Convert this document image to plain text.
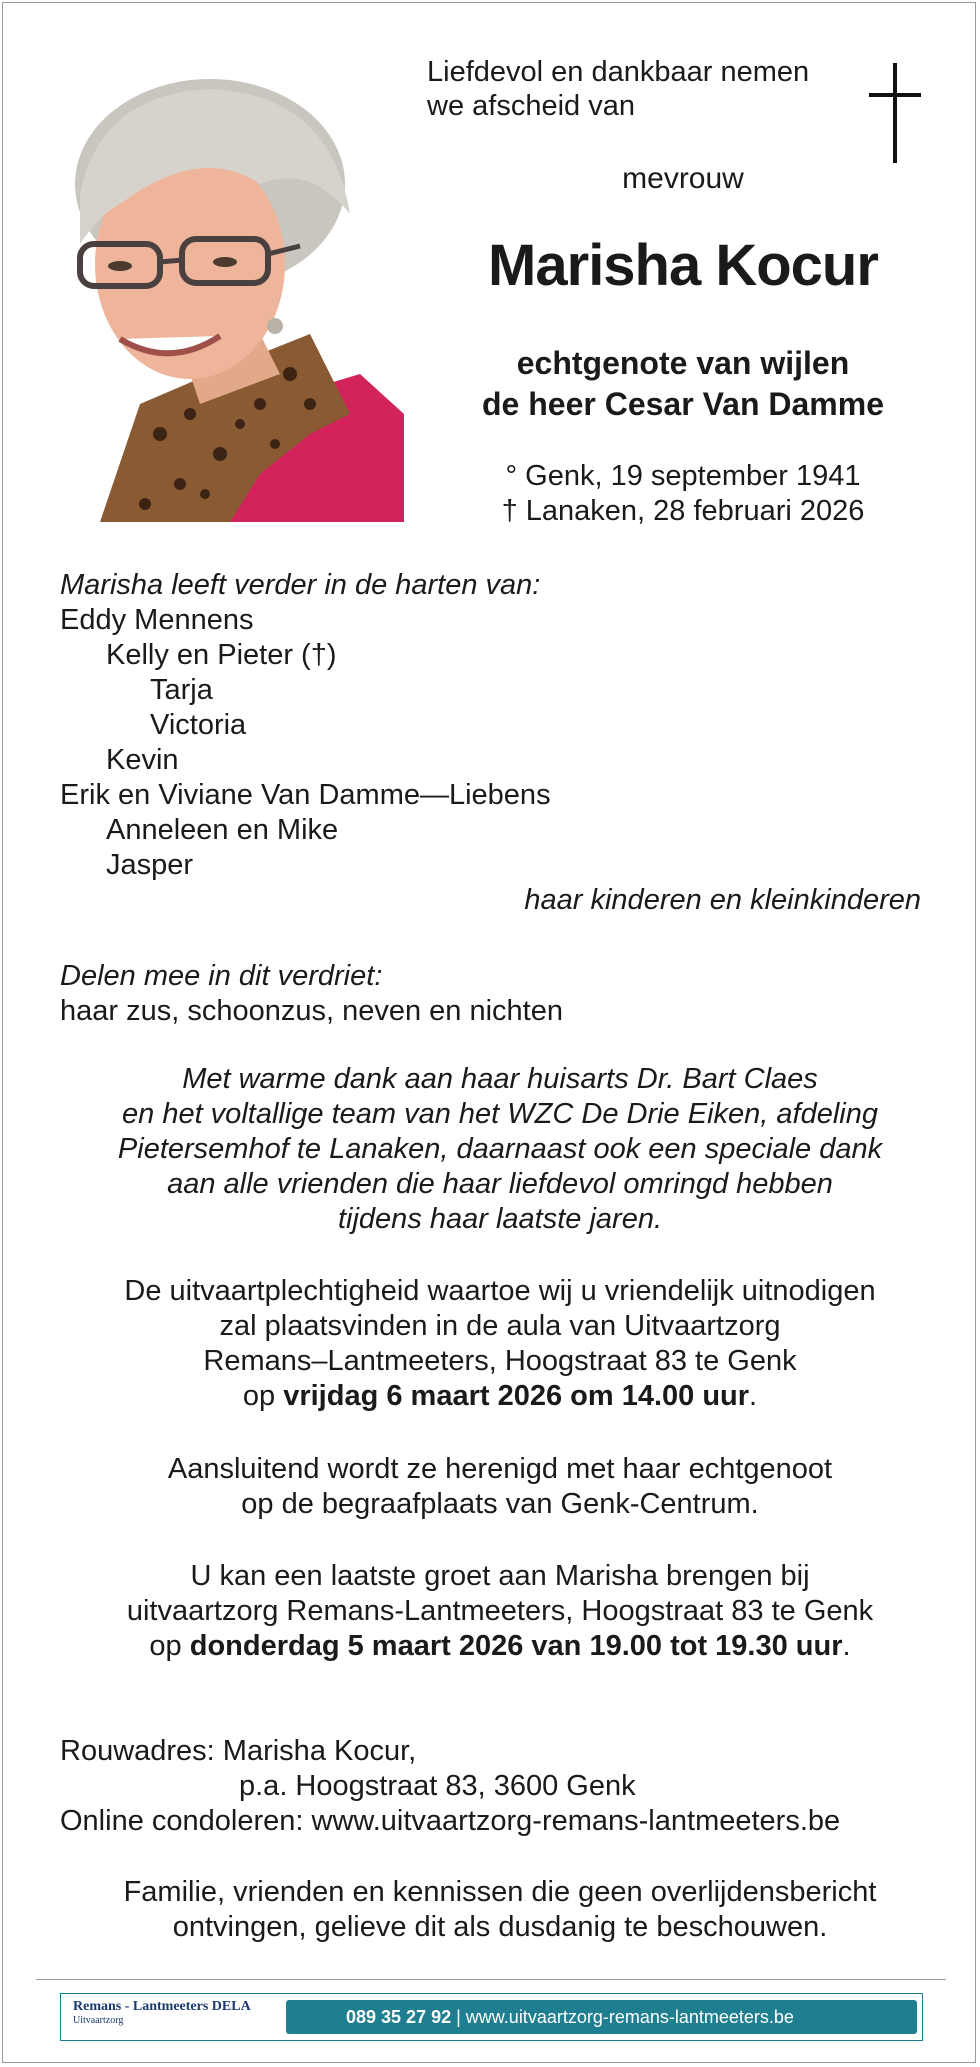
Liefdevol en dankbaar nemen
we afscheid van
mevrouw
Marisha Kocur
echtgenote van wijlen
de heer Cesar Van Damme
° Genk, 19 september 1941
† Lanaken, 28 februari 2026
Marisha leeft verder in de harten van:
Eddy Mennens
Kelly en Pieter (†)
Tarja
Victoria
Kevin
Erik en Viviane Van Damme—Liebens
Anneleen en Mike
Jasper
haar kinderen en kleinkinderen
Delen mee in dit verdriet:
haar zus, schoonzus, neven en nichten
Met warme dank aan haar huisarts Dr. Bart Claes
en het voltallige team van het WZC De Drie Eiken, afdeling
Pietersemhof te Lanaken, daarnaast ook een speciale dank
aan alle vrienden die haar liefdevol omringd hebben
tijdens haar laatste jaren.
De uitvaartplechtigheid waartoe wij u vriendelijk uitnodigen
zal plaatsvinden in de aula van Uitvaartzorg
Remans–Lantmeeters, Hoogstraat 83 te Genk
op vrijdag 6 maart 2026 om 14.00 uur.
Aansluitend wordt ze herenigd met haar echtgenoot
op de begraafplaats van Genk-Centrum.
U kan een laatste groet aan Marisha brengen bij
uitvaartzorg Remans-Lantmeeters, Hoogstraat 83 te Genk
op donderdag 5 maart 2026 van 19.00 tot 19.30 uur.
Rouwadres: Marisha Kocur,
p.a. Hoogstraat 83, 3600 Genk
Online condoleren: www.uitvaartzorg-remans-lantmeeters.be
Familie, vrienden en kennissen die geen overlijdensbericht
ontvingen, gelieve dit als dusdanig te beschouwen.
Remans - Lantmeeters DELA
Uitvaartzorg	089 35 27 92 | www.uitvaartzorg-remans-lantmeeters.be
